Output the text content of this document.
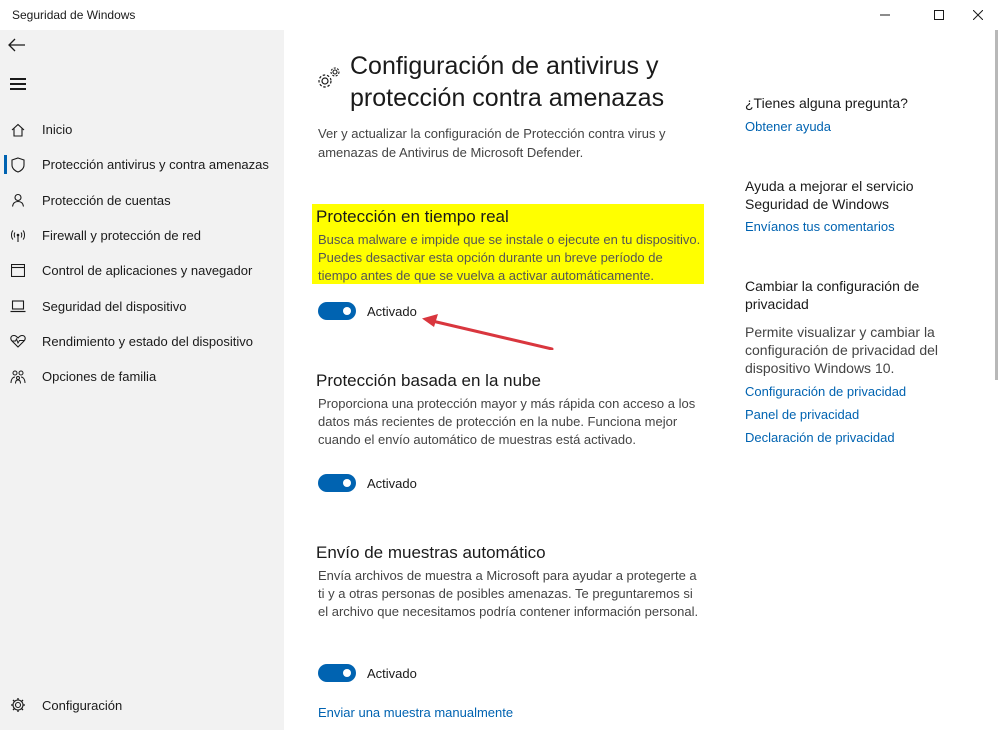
Seguridad de Windows
Inicio
Protección antivirus y contra amenazas
Protección de cuentas
Firewall y protección de red
Control de aplicaciones y navegador
Seguridad del dispositivo
Rendimiento y estado del dispositivo
Opciones de familia
Configuración
Configuración de antivirus y protección contra amenazas

Ver y actualizar la configuración de Protección contra virus y amenazas de Antivirus de Microsoft Defender.

Protección en tiempo real

Busca malware e impide que se instale o ejecute en tu dispositivo. Puedes desactivar esta opción durante un breve período de tiempo antes de que se vuelva a activar automáticamente.

Activado
Protección basada en la nube

Proporciona una protección mayor y más rápida con acceso a los datos más recientes de protección en la nube. Funciona mejor cuando el envío automático de muestras está activado.

Activado
Envío de muestras automático

Envía archivos de muestra a Microsoft para ayudar a protegerte a ti y a otras personas de posibles amenazas. Te preguntaremos si el archivo que necesitamos podría contener información personal.

Activado
Enviar una muestra manualmente
¿Tienes alguna pregunta?
Obtener ayuda
Ayuda a mejorar el servicio Seguridad de Windows
Envíanos tus comentarios
Cambiar la configuración de privacidad
Permite visualizar y cambiar la configuración de privacidad del dispositivo Windows 10.
Configuración de privacidad
Panel de privacidad
Declaración de privacidad
